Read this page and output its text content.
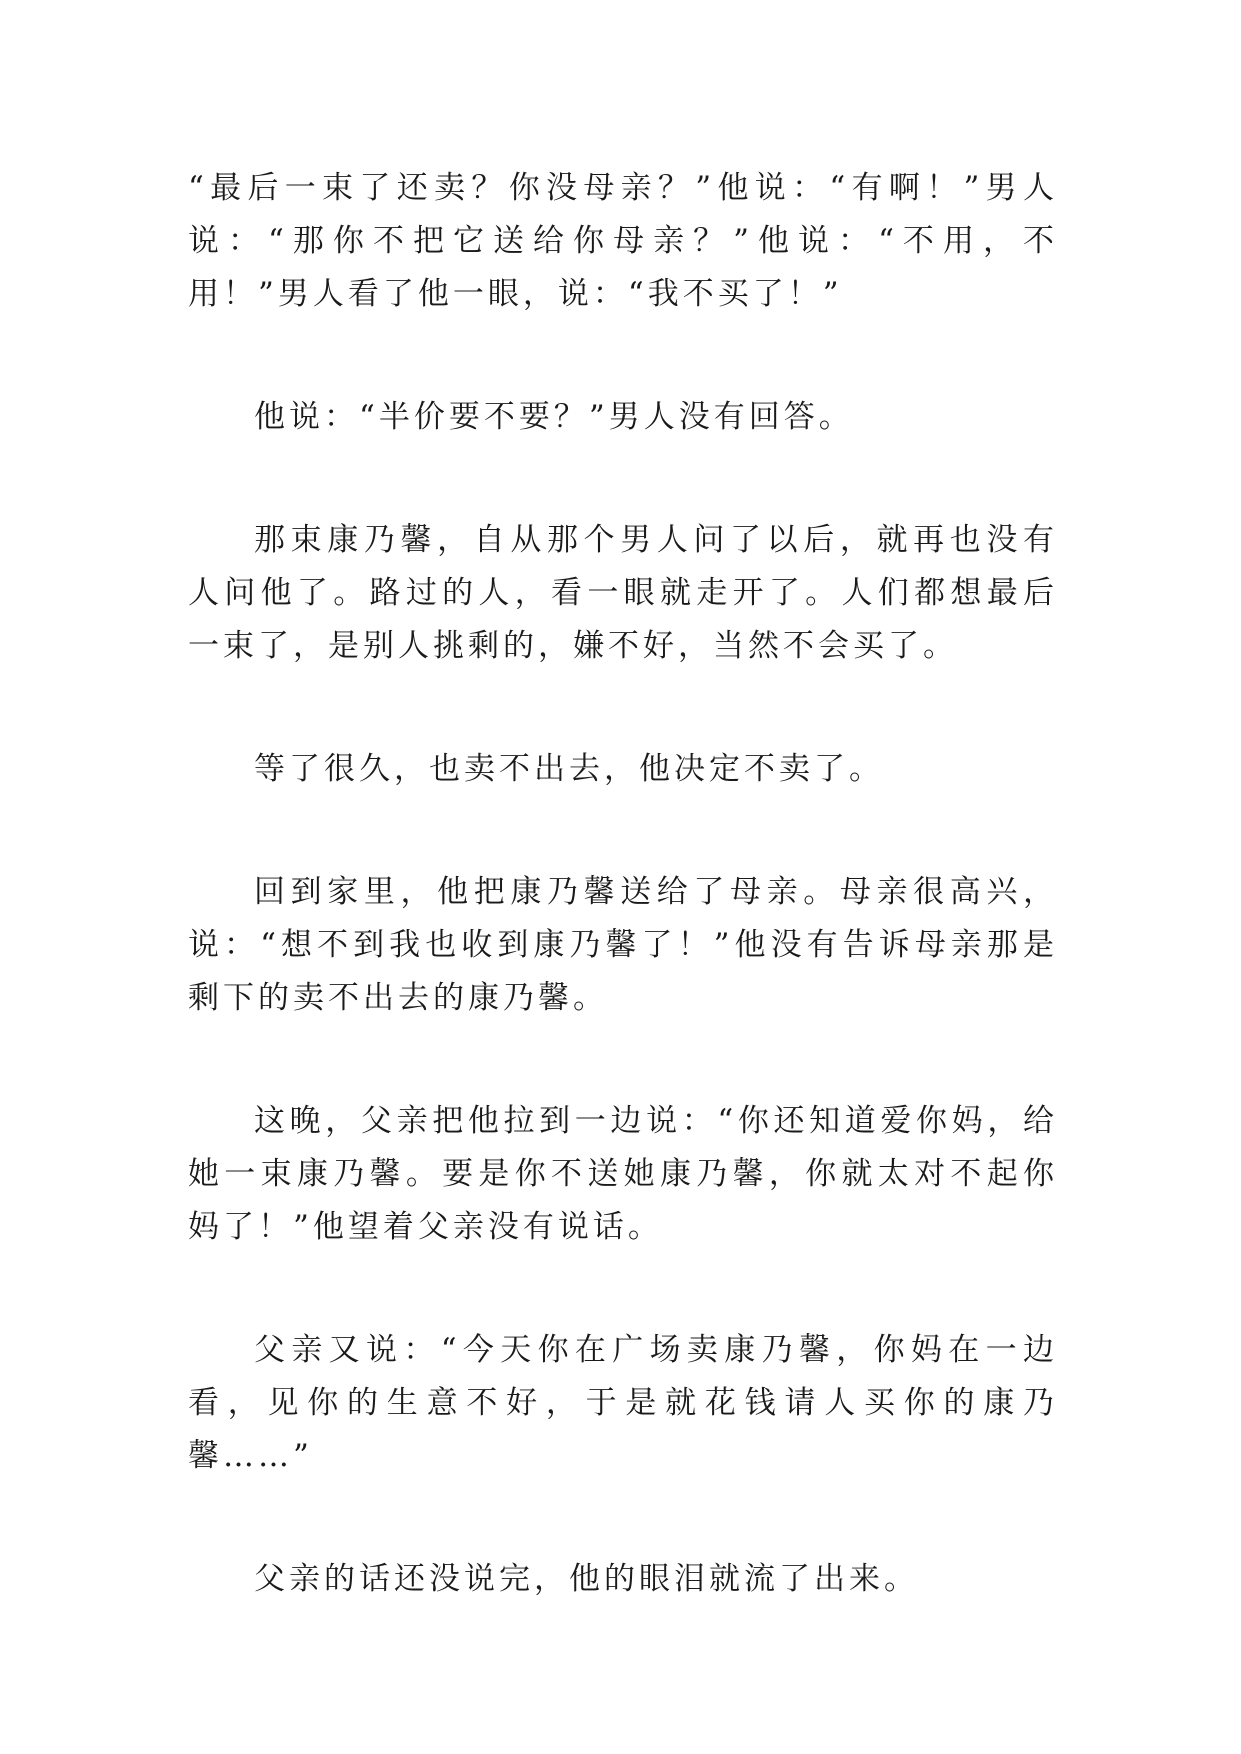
“最后一束了还卖？你没母亲？”他说：“有啊！”男人说：“那你不把它送给你母亲？”他说：“不用，不用！”男人看了他一眼，说：“我不买了！”

他说：“半价要不要？”男人没有回答。

那束康乃馨，自从那个男人问了以后，就再也没有人问他了。路过的人，看一眼就走开了。人们都想最后一束了，是别人挑剩的，嫌不好，当然不会买了。

等了很久，也卖不出去，他决定不卖了。

回到家里，他把康乃馨送给了母亲。母亲很高兴，说：“想不到我也收到康乃馨了！”他没有告诉母亲那是剩下的卖不出去的康乃馨。

这晚，父亲把他拉到一边说：“你还知道爱你妈，给她一束康乃馨。要是你不送她康乃馨，你就太对不起你妈了！”他望着父亲没有说话。

父亲又说：“今天你在广场卖康乃馨，你妈在一边看，见你的生意不好，于是就花钱请人买你的康乃馨……”

父亲的话还没说完，他的眼泪就流了出来。
